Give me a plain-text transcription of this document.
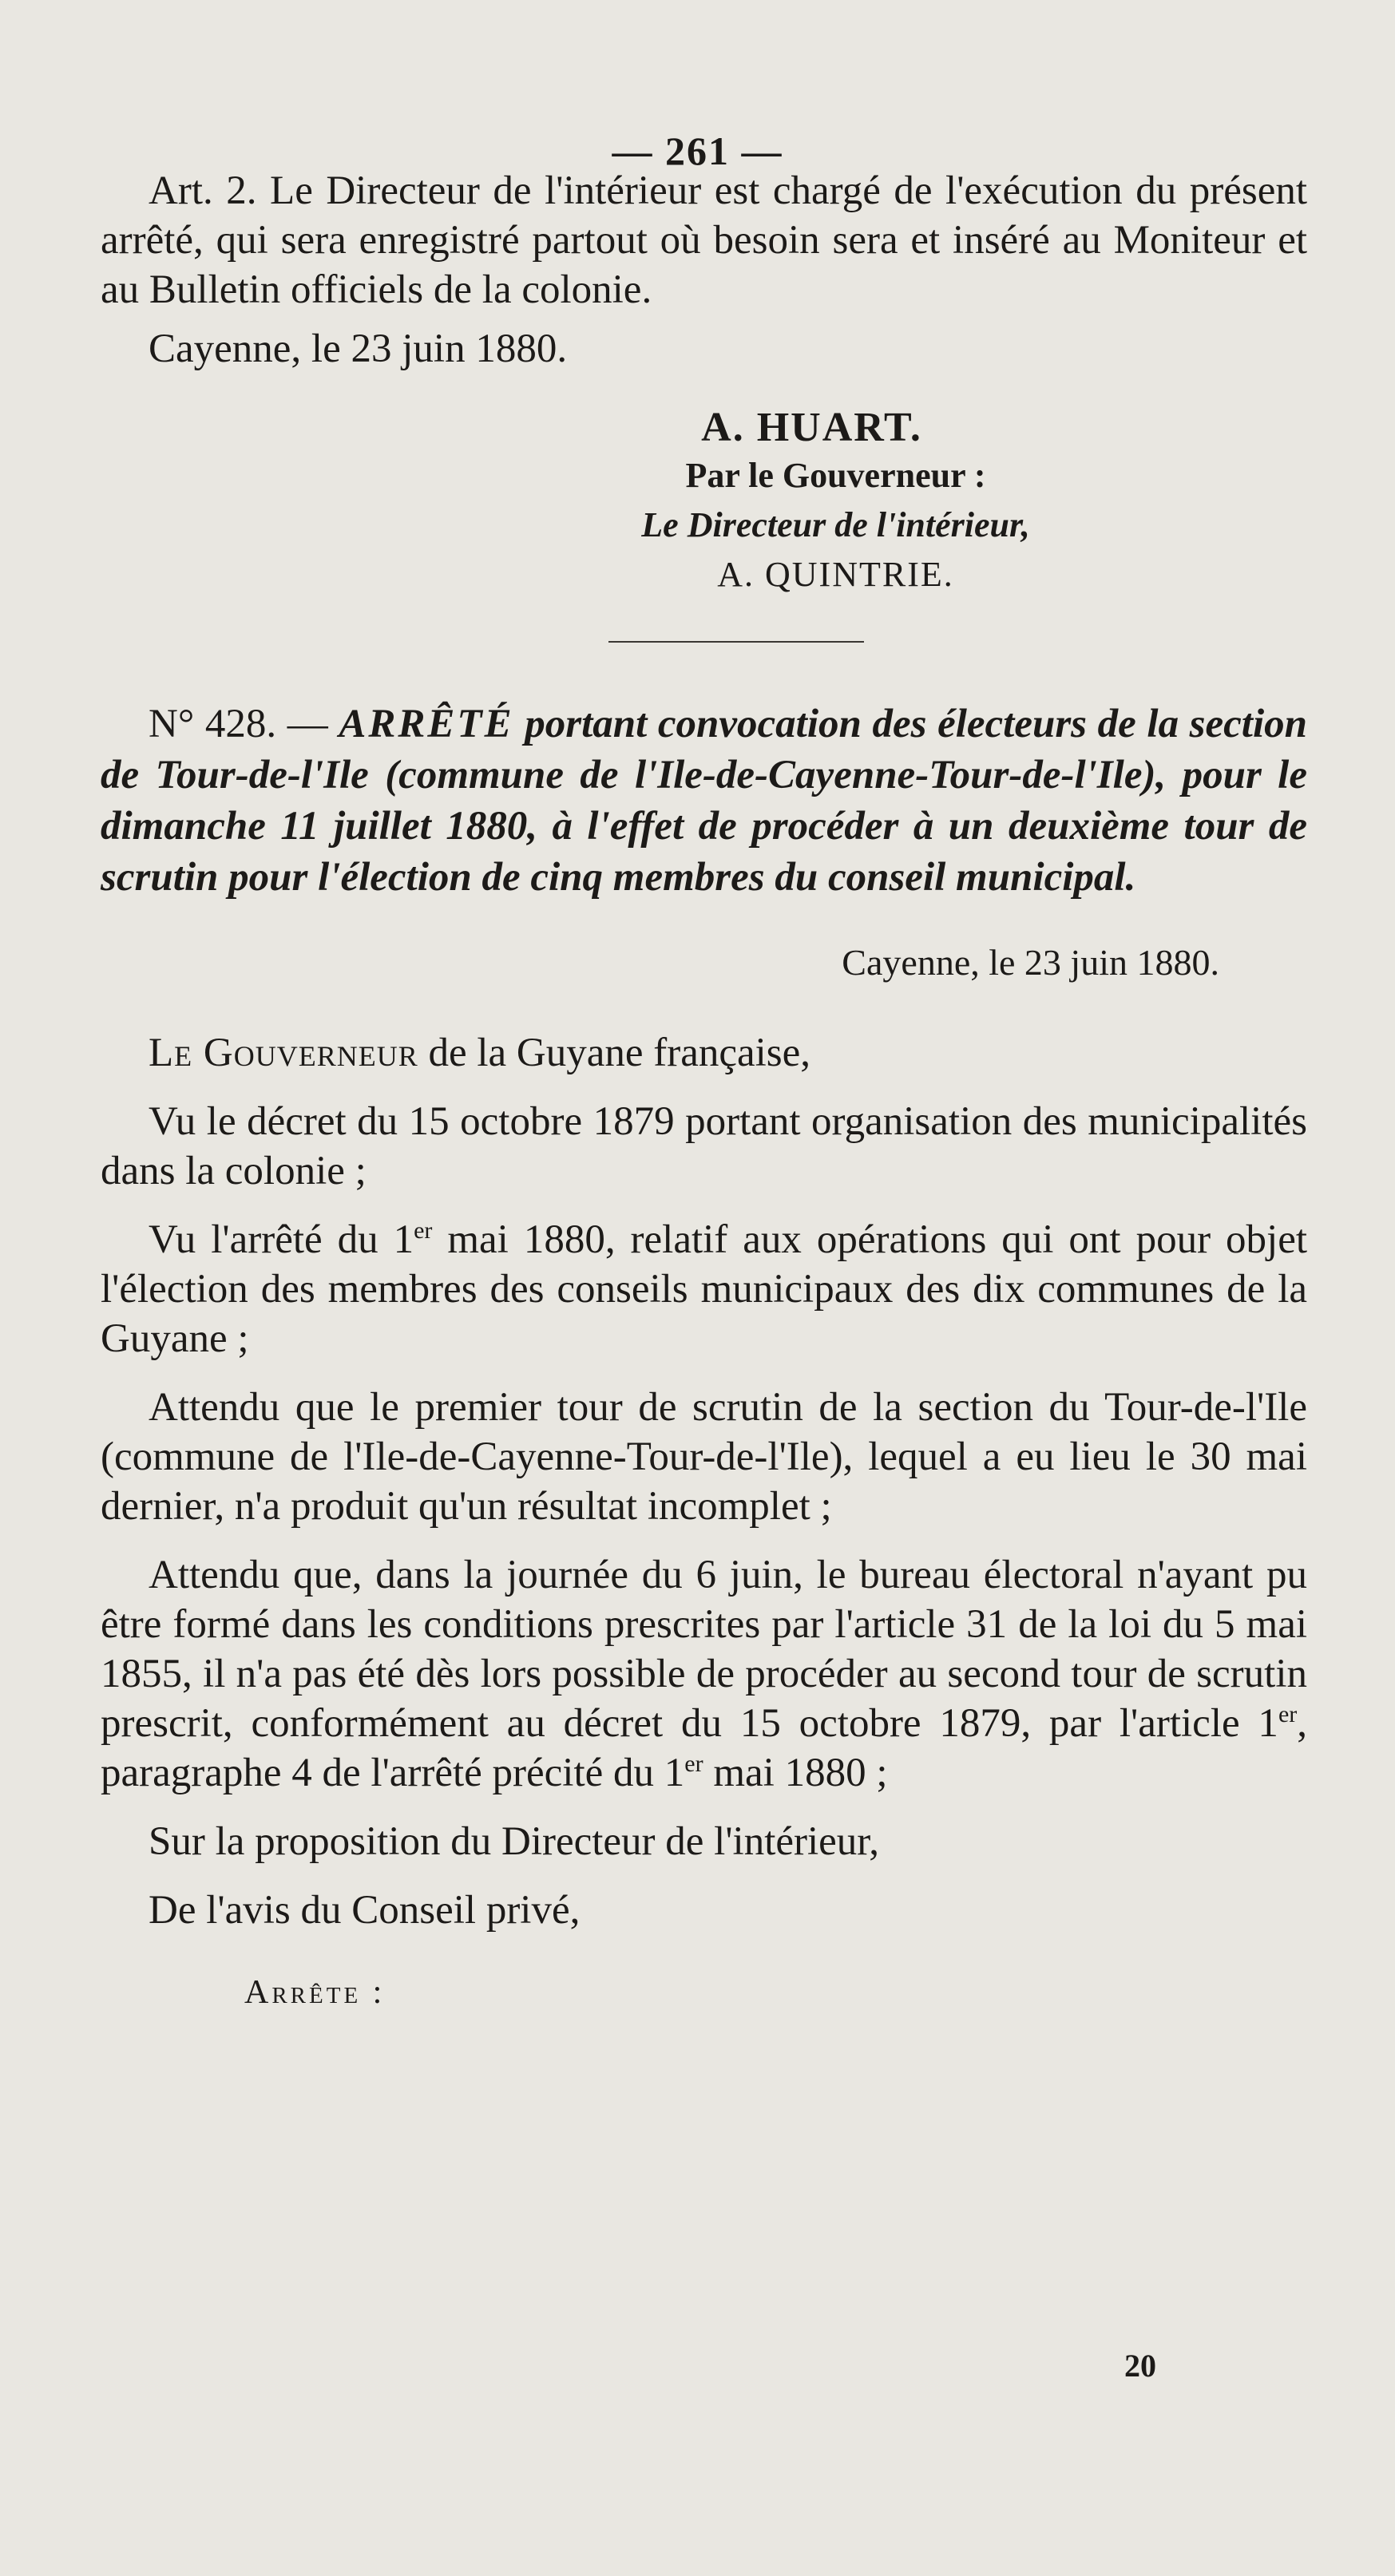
— 261 —

Art. 2. Le Directeur de l'intérieur est chargé de l'exécution du présent arrêté, qui sera enregistré partout où besoin sera et inséré au Moniteur et au Bulletin officiels de la colonie.

Cayenne, le 23 juin 1880.

A. HUART.
Par le Gouverneur :
Le Directeur de l'intérieur,
A. QUINTRIE.

N° 428. — ARRÊTÉ portant convocation des électeurs de la section de Tour-de-l'Ile (commune de l'Ile-de-Cayenne-Tour-de-l'Ile), pour le dimanche 11 juillet 1880, à l'effet de procéder à un deuxième tour de scrutin pour l'élection de cinq membres du conseil municipal.

Cayenne, le 23 juin 1880.

Le Gouverneur de la Guyane française,

Vu le décret du 15 octobre 1879 portant organisation des municipalités dans la colonie ;

Vu l'arrêté du 1er mai 1880, relatif aux opérations qui ont pour objet l'élection des membres des conseils municipaux des dix communes de la Guyane ;

Attendu que le premier tour de scrutin de la section du Tour-de-l'Ile (commune de l'Ile-de-Cayenne-Tour-de-l'Ile), lequel a eu lieu le 30 mai dernier, n'a produit qu'un résultat incomplet ;

Attendu que, dans la journée du 6 juin, le bureau électoral n'ayant pu être formé dans les conditions prescrites par l'article 31 de la loi du 5 mai 1855, il n'a pas été dès lors possible de procéder au second tour de scrutin prescrit, conformément au décret du 15 octobre 1879, par l'article 1er, paragraphe 4 de l'arrêté précité du 1er mai 1880 ;

Sur la proposition du Directeur de l'intérieur,

De l'avis du Conseil privé,

Arrête :
20
